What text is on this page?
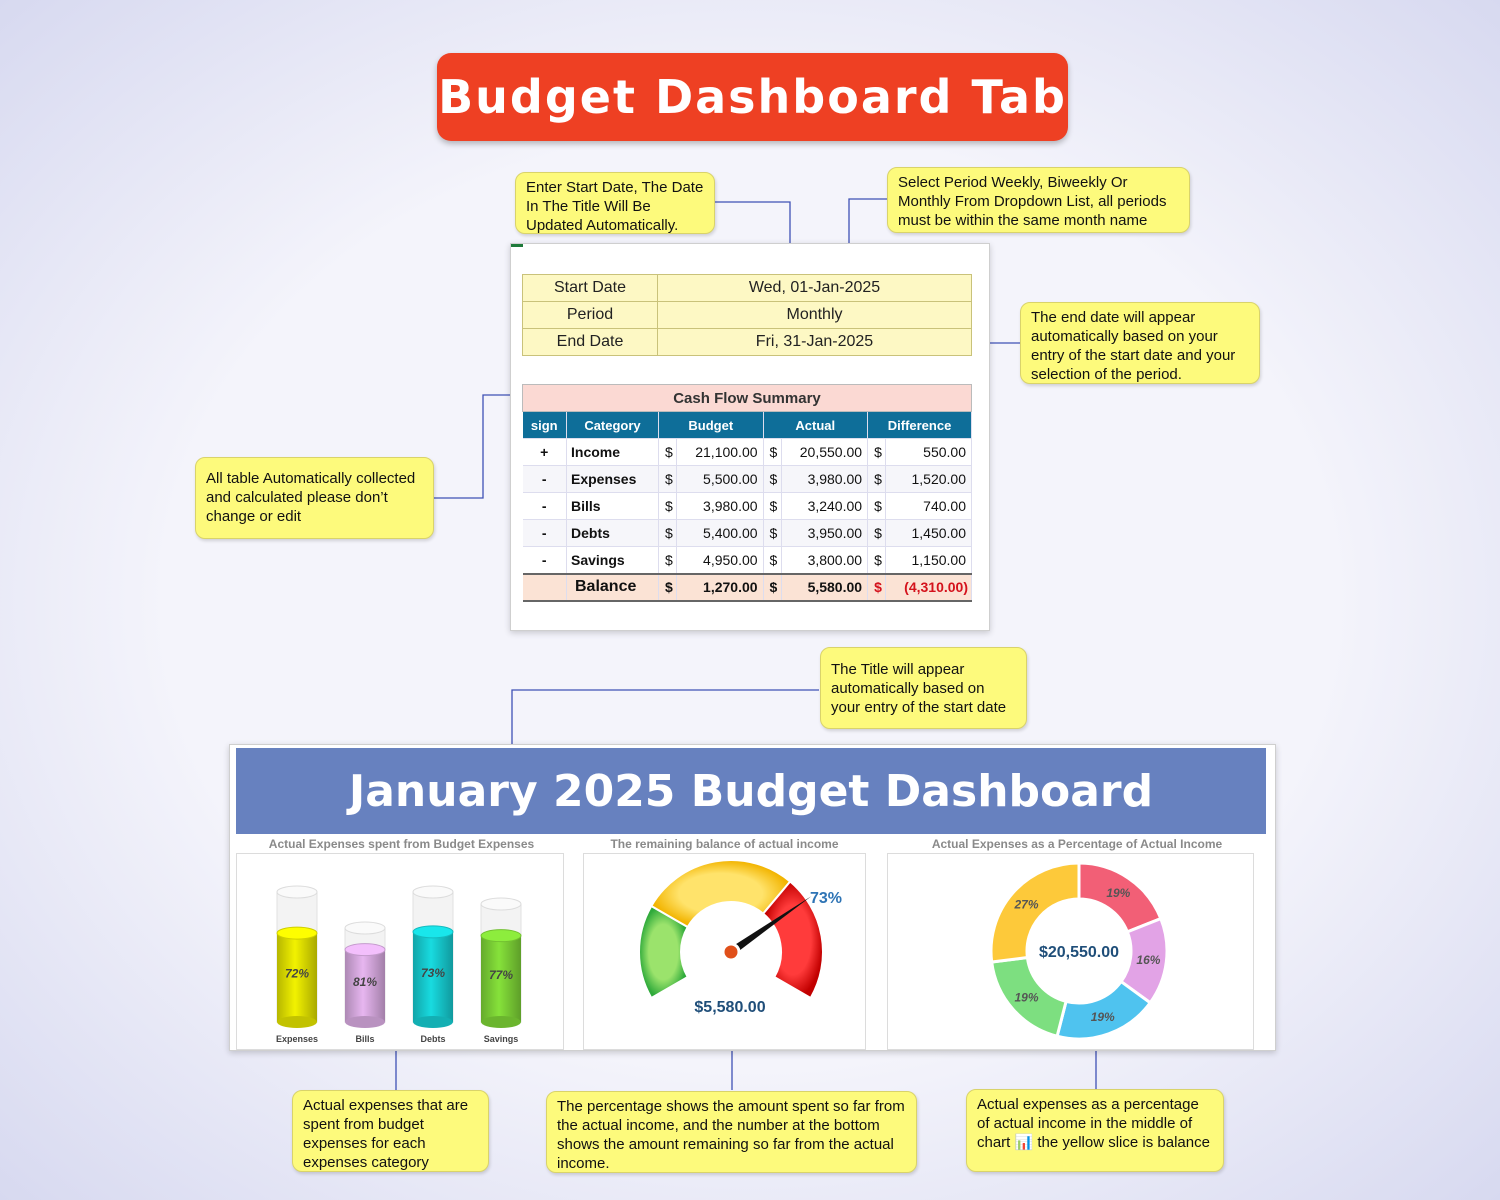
Budget Dashboard Tab
Enter Start Date, The Date In The Title Will Be Updated Automatically.
Select Period Weekly, Biweekly Or Monthly From Dropdown List, all periods must be within the same month name
The end date will appear automatically based on your entry of the start date and your selection of the period.
All table Automatically collected and calculated please don’t change or edit
The Title will appear automatically based on your entry of the start date
Actual expenses that are spent from budget expenses for each expenses category
The percentage shows the amount spent so far from the actual income, and the number at the bottom shows the amount remaining so far from the actual income.
Actual expenses as a percentage of actual income in the middle of chart 📊 the yellow slice is balance
Start Date	Wed, 01-Jan-2025
Period	Monthly
End Date	Fri, 31-Jan-2025
Cash Flow Summary							
sign	Category	Budget		Actual		Difference	
+	Income	$	21,100.00	$	20,550.00	$	550.00
-	Expenses	$	5,500.00	$	3,980.00	$	1,520.00
-	Bills	$	3,980.00	$	3,240.00	$	740.00
-	Debts	$	5,400.00	$	3,950.00	$	1,450.00
-	Savings	$	4,950.00	$	3,800.00	$	1,150.00
	Balance	$	1,270.00	$	5,580.00	$	(4,310.00)
January 2025 Budget Dashboard
Actual Expenses spent from Budget Expenses	The remaining balance of actual income	Actual Expenses as a Percentage of Actual Income
72%
Expenses
81%
Bills
73%
Debts
77%
Savings
73%
$5,580.00
19%
16%
19%
19%
27%
$20,550.00
